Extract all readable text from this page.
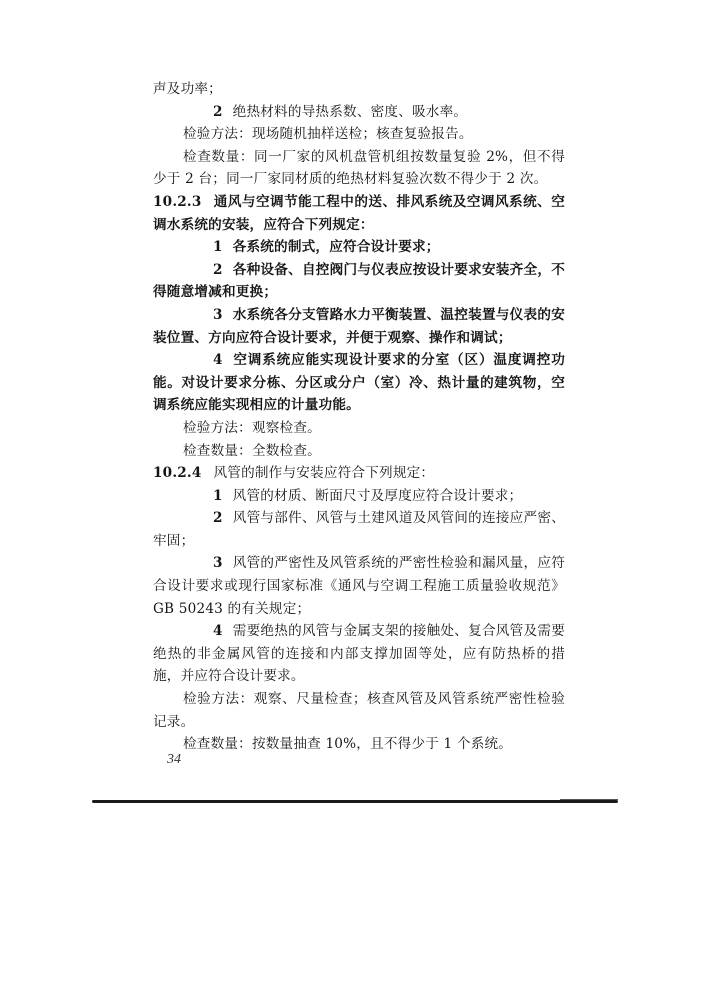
声及功率；

2 绝热材料的导热系数、密度、吸水率。

检验方法：现场随机抽样送检；核查复验报告。

检查数量：同一厂家的风机盘管机组按数量复验 2%，但不得少于 2 台；同一厂家同材质的绝热材料复验次数不得少于 2 次。

10.2.3 通风与空调节能工程中的送、排风系统及空调风系统、空调水系统的安装，应符合下列规定：

1 各系统的制式，应符合设计要求；

2 各种设备、自控阀门与仪表应按设计要求安装齐全，不得随意增减和更换；

3 水系统各分支管路水力平衡装置、温控装置与仪表的安装位置、方向应符合设计要求，并便于观察、操作和调试；

4 空调系统应能实现设计要求的分室（区）温度调控功能。对设计要求分栋、分区或分户（室）冷、热计量的建筑物，空调系统应能实现相应的计量功能。

检验方法：观察检查。

检查数量：全数检查。

10.2.4 风管的制作与安装应符合下列规定：

1 风管的材质、断面尺寸及厚度应符合设计要求；

2 风管与部件、风管与土建风道及风管间的连接应严密、牢固；

3 风管的严密性及风管系统的严密性检验和漏风量，应符合设计要求或现行国家标准《通风与空调工程施工质量验收规范》GB 50243 的有关规定；

4 需要绝热的风管与金属支架的接触处、复合风管及需要绝热的非金属风管的连接和内部支撑加固等处，应有防热桥的措施，并应符合设计要求。

检验方法：观察、尺量检查；核查风管及风管系统严密性检验记录。

检查数量：按数量抽查 10%，且不得少于 1 个系统。

34
